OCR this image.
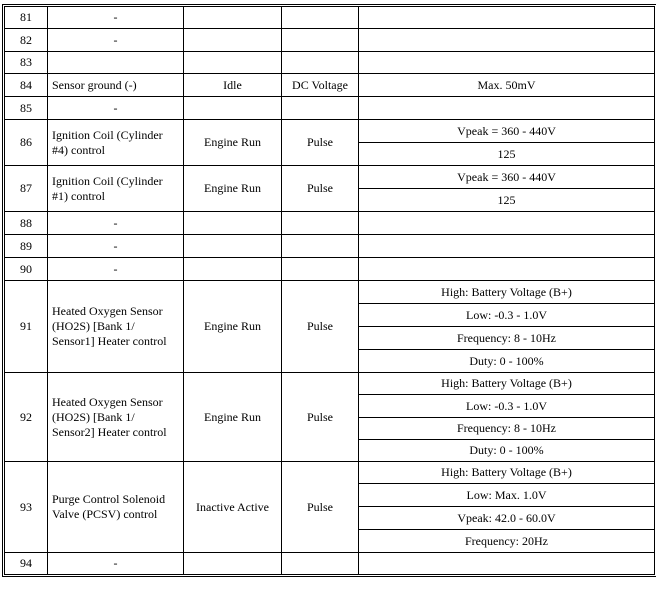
81	-			
82	-			
83				
84	Sensor ground (-)	Idle	DC Voltage	Max. 50mV
85	-			
86	Ignition Coil (Cylinder #4) control	Engine Run	Pulse	Vpeak = 360 - 440V
				125
87	Ignition Coil (Cylinder #1) control	Engine Run	Pulse	Vpeak = 360 - 440V
				125
88	-			
89	-			
90	-			
91	Heated Oxygen Sensor (HO2S) [Bank 1/ Sensor1] Heater control	Engine Run	Pulse	High: Battery Voltage (B+)
				Low: -0.3 - 1.0V
				Frequency: 8 - 10Hz
				Duty: 0 - 100%
92	Heated Oxygen Sensor (HO2S) [Bank 1/ Sensor2] Heater control	Engine Run	Pulse	High: Battery Voltage (B+)
				Low: -0.3 - 1.0V
				Frequency: 8 - 10Hz
				Duty: 0 - 100%
93	Purge Control Solenoid Valve (PCSV) control	Inactive Active	Pulse	High: Battery Voltage (B+)
				Low: Max. 1.0V
				Vpeak: 42.0 - 60.0V
				Frequency: 20Hz
94	-			
